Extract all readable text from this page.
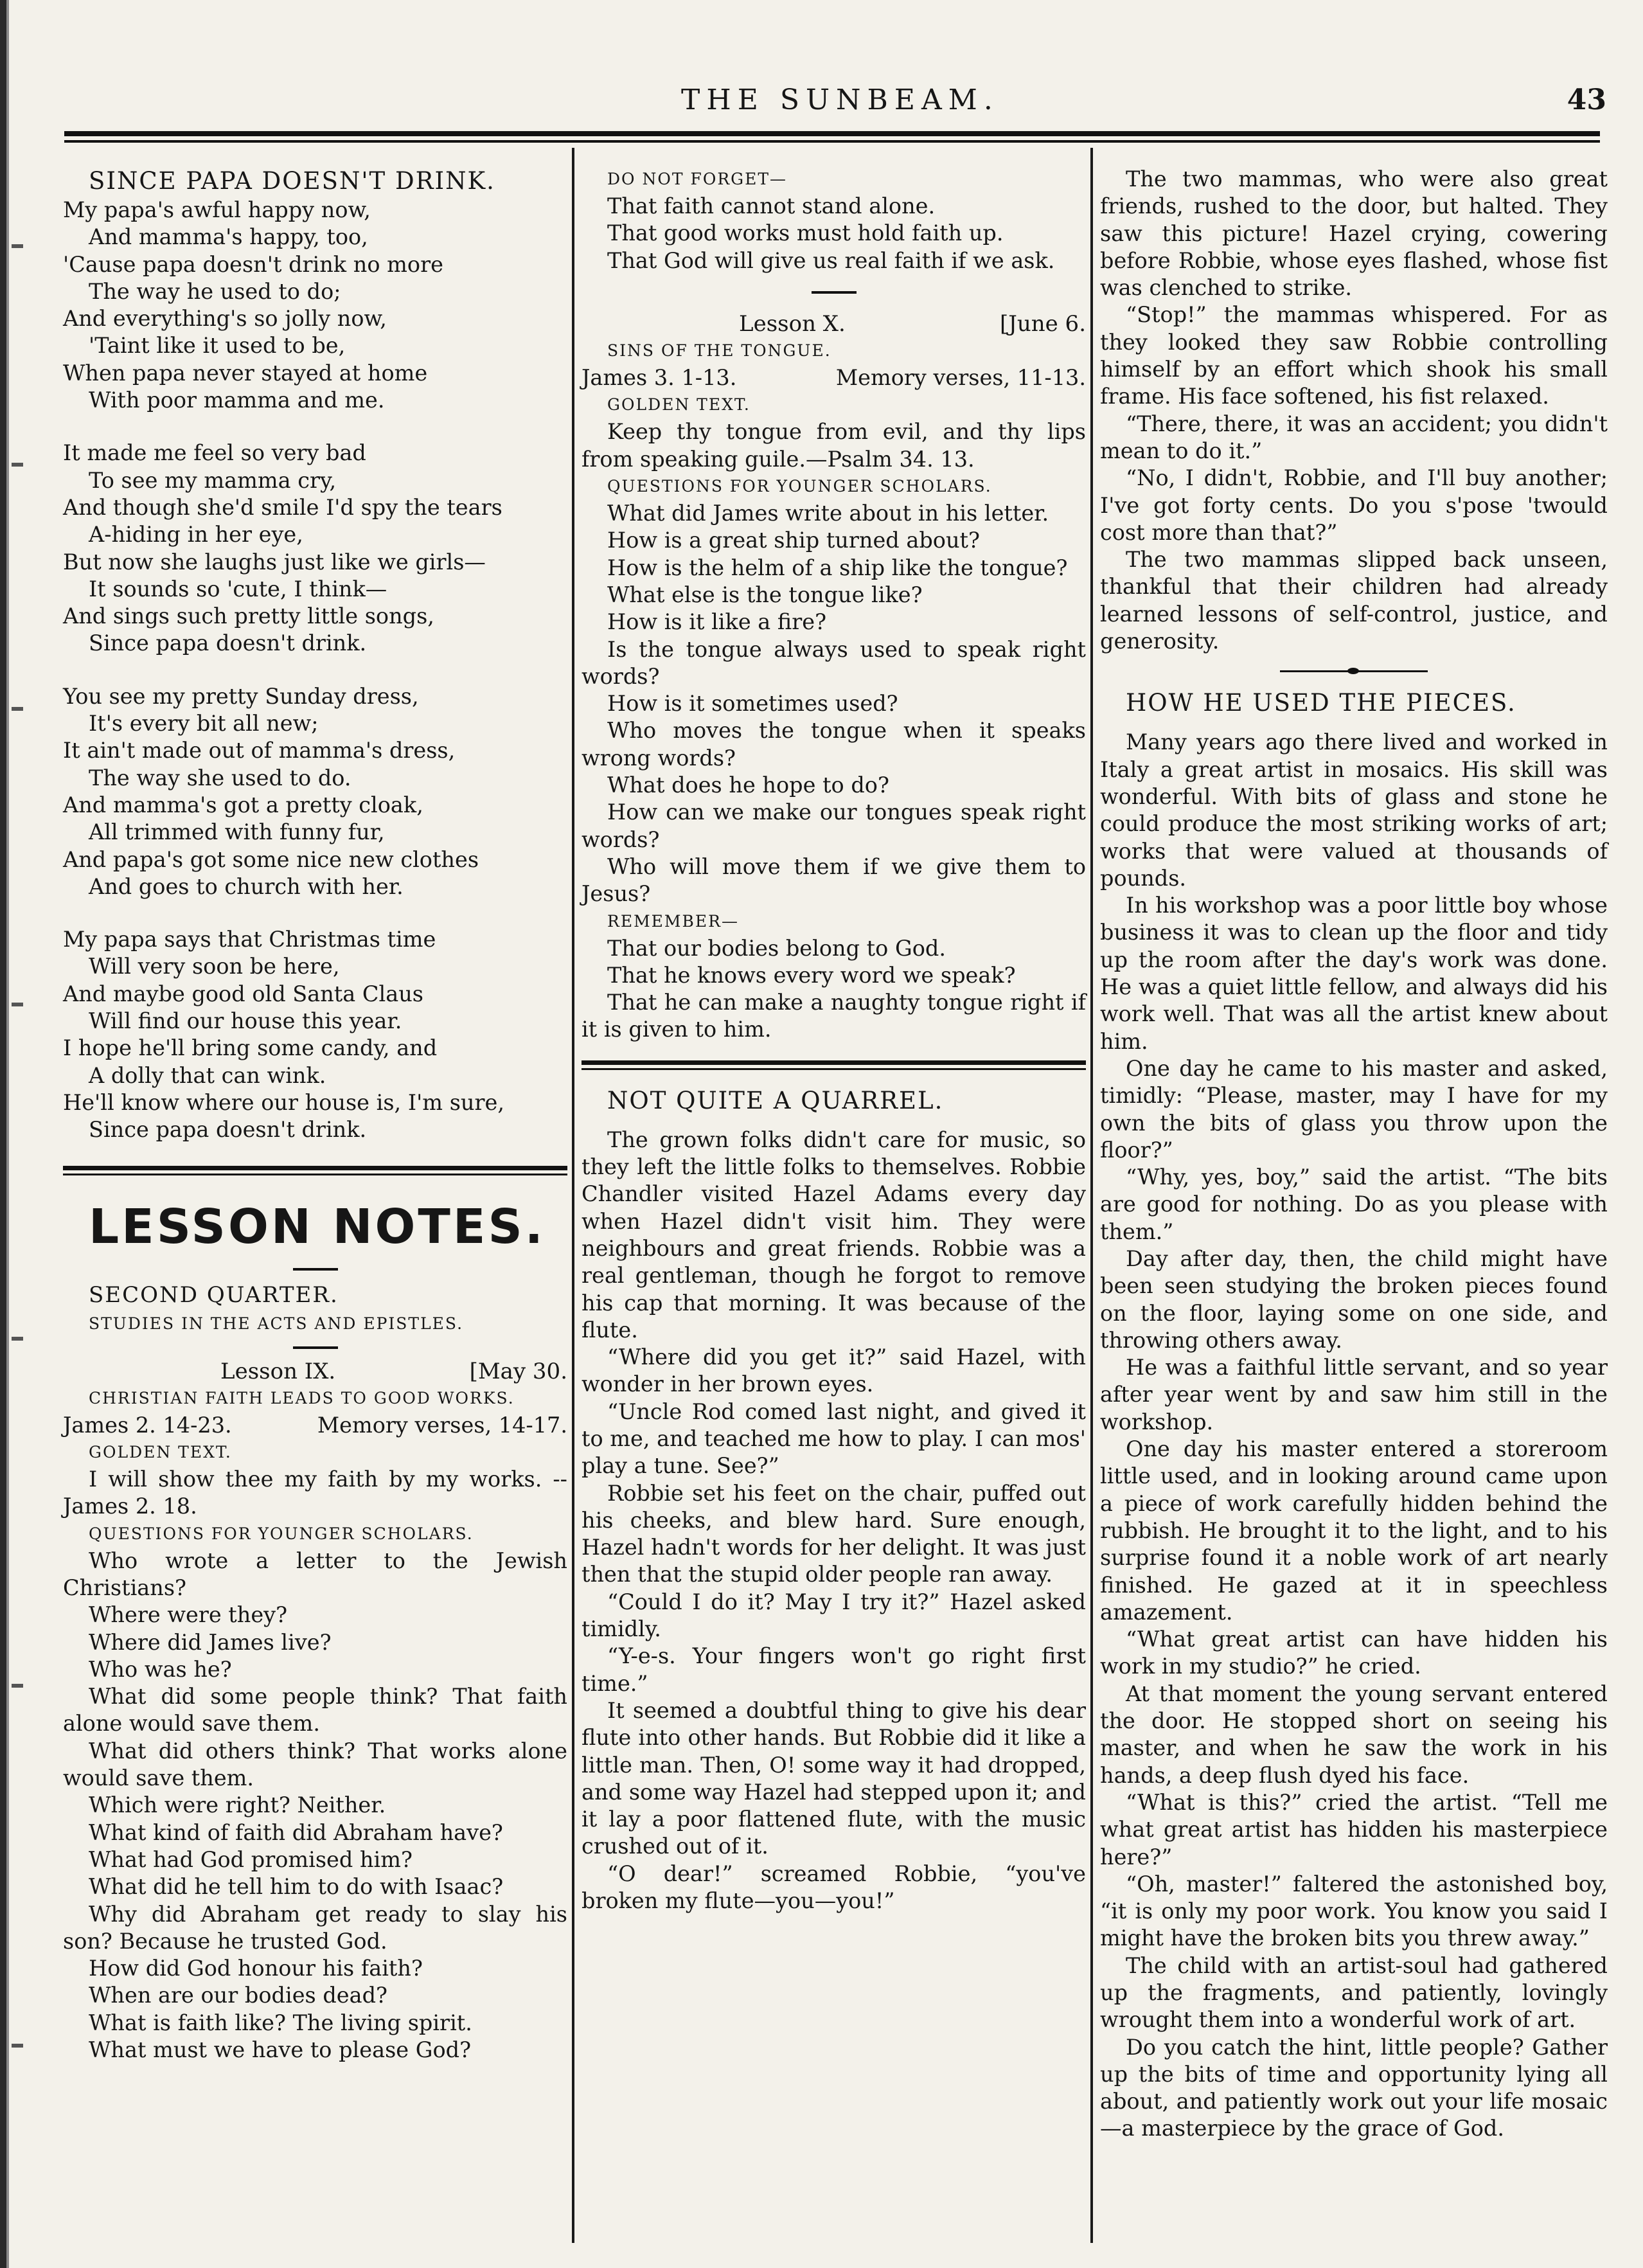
THE SUNBEAM.	43

SINCE PAPA DOESN'T DRINK.

My papa's awful happy now,
And mamma's happy, too,
'Cause papa doesn't drink no more
The way he used to do;
And everything's so jolly now,
'Taint like it used to be,
When papa never stayed at home
With poor mamma and me.
It made me feel so very bad
To see my mamma cry,
And though she'd smile I'd spy the tears
A-hiding in her eye,
But now she laughs just like we girls—
It sounds so 'cute, I think—
And sings such pretty little songs,
Since papa doesn't drink.
You see my pretty Sunday dress,
It's every bit all new;
It ain't made out of mamma's dress,
The way she used to do.
And mamma's got a pretty cloak,
All trimmed with funny fur,
And papa's got some nice new clothes
And goes to church with her.
My papa says that Christmas time
Will very soon be here,
And maybe good old Santa Claus
Will find our house this year.
I hope he'll bring some candy, and
A dolly that can wink.
He'll know where our house is, I'm sure,
Since papa doesn't drink.

LESSON NOTES.

SECOND QUARTER.

STUDIES IN THE ACTS AND EPISTLES.

Lesson IX.	[May 30.

CHRISTIAN FAITH LEADS TO GOOD WORKS.

James 2. 14-23.	Memory verses, 14-17.

GOLDEN TEXT.

I will show thee my faith by my works. --James 2. 18.

QUESTIONS FOR YOUNGER SCHOLARS.

Who wrote a letter to the Jewish Christians?

Where were they?

Where did James live?

Who was he?

What did some people think? That faith alone would save them.

What did others think? That works alone would save them.

Which were right? Neither.

What kind of faith did Abraham have?

What had God promised him?

What did he tell him to do with Isaac?

Why did Abraham get ready to slay his son? Because he trusted God.

How did God honour his faith?

When are our bodies dead?

What is faith like? The living spirit.

What must we have to please God?

DO NOT FORGET—

That faith cannot stand alone.

That good works must hold faith up.

That God will give us real faith if we ask.

Lesson X.	[June 6.

SINS OF THE TONGUE.

James 3. 1-13.	Memory verses, 11-13.

GOLDEN TEXT.

Keep thy tongue from evil, and thy lips from speaking guile.—Psalm 34. 13.

QUESTIONS FOR YOUNGER SCHOLARS.

What did James write about in his letter.

How is a great ship turned about?

How is the helm of a ship like the tongue?

What else is the tongue like?

How is it like a fire?

Is the tongue always used to speak right words?

How is it sometimes used?

Who moves the tongue when it speaks wrong words?

What does he hope to do?

How can we make our tongues speak right words?

Who will move them if we give them to Jesus?

REMEMBER—

That our bodies belong to God.

That he knows every word we speak?

That he can make a naughty tongue right if it is given to him.

NOT QUITE A QUARREL.

The grown folks didn't care for music, so they left the little folks to themselves. Robbie Chandler visited Hazel Adams every day when Hazel didn't visit him. They were neighbours and great friends. Robbie was a real gentleman, though he forgot to remove his cap that morning. It was because of the flute.

“Where did you get it?” said Hazel, with wonder in her brown eyes.

“Uncle Rod comed last night, and gived it to me, and teached me how to play. I can mos' play a tune. See?”

Robbie set his feet on the chair, puffed out his cheeks, and blew hard. Sure enough, Hazel hadn't words for her delight. It was just then that the stupid older people ran away.

“Could I do it? May I try it?” Hazel asked timidly.

“Y-e-s. Your fingers won't go right first time.”

It seemed a doubtful thing to give his dear flute into other hands. But Robbie did it like a little man. Then, O! some way it had dropped, and some way Hazel had stepped upon it; and it lay a poor flattened flute, with the music crushed out of it.

“O dear!” screamed Robbie, “you've broken my flute—you—you!”

The two mammas, who were also great friends, rushed to the door, but halted. They saw this picture! Hazel crying, cowering before Robbie, whose eyes flashed, whose fist was clenched to strike.

“Stop!” the mammas whispered. For as they looked they saw Robbie controlling himself by an effort which shook his small frame. His face softened, his fist relaxed.

“There, there, it was an accident; you didn't mean to do it.”

“No, I didn't, Robbie, and I'll buy another; I've got forty cents. Do you s'pose 'twould cost more than that?”

The two mammas slipped back unseen, thankful that their children had already learned lessons of self-control, justice, and generosity.

HOW HE USED THE PIECES.

Many years ago there lived and worked in Italy a great artist in mosaics. His skill was wonderful. With bits of glass and stone he could produce the most striking works of art; works that were valued at thousands of pounds.

In his workshop was a poor little boy whose business it was to clean up the floor and tidy up the room after the day's work was done. He was a quiet little fellow, and always did his work well. That was all the artist knew about him.

One day he came to his master and asked, timidly: “Please, master, may I have for my own the bits of glass you throw upon the floor?”

“Why, yes, boy,” said the artist. “The bits are good for nothing. Do as you please with them.”

Day after day, then, the child might have been seen studying the broken pieces found on the floor, laying some on one side, and throwing others away.

He was a faithful little servant, and so year after year went by and saw him still in the workshop.

One day his master entered a storeroom little used, and in looking around came upon a piece of work carefully hidden behind the rubbish. He brought it to the light, and to his surprise found it a noble work of art nearly finished. He gazed at it in speechless amazement.

“What great artist can have hidden his work in my studio?” he cried.

At that moment the young servant entered the door. He stopped short on seeing his master, and when he saw the work in his hands, a deep flush dyed his face.

“What is this?” cried the artist. “Tell me what great artist has hidden his masterpiece here?”

“Oh, master!” faltered the astonished boy, “it is only my poor work. You know you said I might have the broken bits you threw away.”

The child with an artist-soul had gathered up the fragments, and patiently, lovingly wrought them into a wonderful work of art.

Do you catch the hint, little people? Gather up the bits of time and opportunity lying all about, and patiently work out your life mosaic—a masterpiece by the grace of God.
